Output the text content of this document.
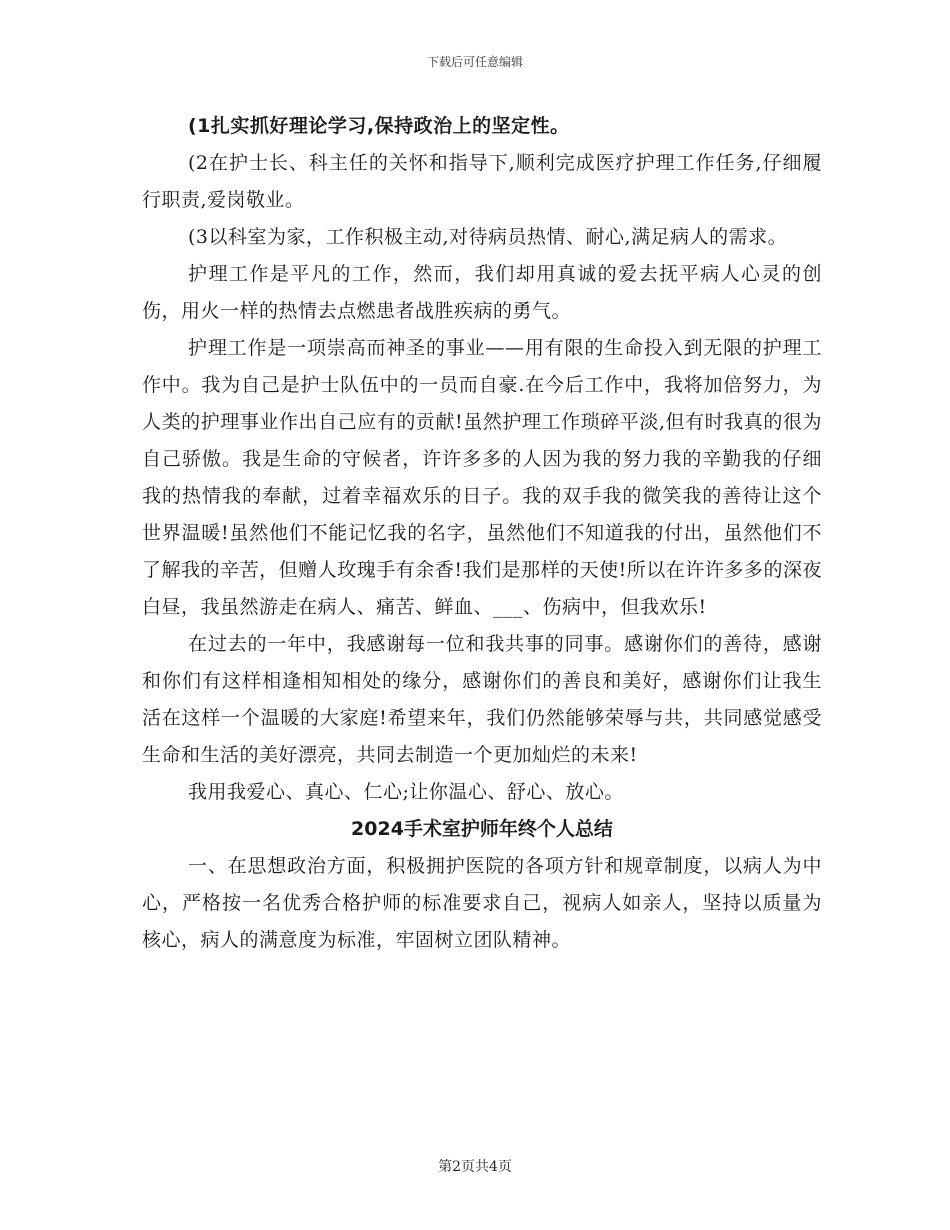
下载后可任意编辑

(1扎实抓好理论学习,保持政治上的坚定性。

(2在护士长、科主任的关怀和指导下,顺利完成医疗护理工作任务,仔细履行职责,爱岗敬业。

(3以科室为家，工作积极主动,对待病员热情、耐心,满足病人的需求。

护理工作是平凡的工作，然而，我们却用真诚的爱去抚平病人心灵的创伤，用火一样的热情去点燃患者战胜疾病的勇气。

护理工作是一项崇高而神圣的事业——用有限的生命投入到无限的护理工作中。我为自己是护士队伍中的一员而自豪.在今后工作中，我将加倍努力，为人类的护理事业作出自己应有的贡献!虽然护理工作琐碎平淡,但有时我真的很为自己骄傲。我是生命的守候者，许许多多的人因为我的努力我的辛勤我的仔细我的热情我的奉献，过着幸福欢乐的日子。我的双手我的微笑我的善待让这个世界温暖!虽然他们不能记忆我的名字，虽然他们不知道我的付出，虽然他们不了解我的辛苦，但赠人玫瑰手有余香!我们是那样的天使!所以在许许多多的深夜白昼，我虽然游走在病人、痛苦、鲜血、___、伤病中，但我欢乐!

在过去的一年中，我感谢每一位和我共事的同事。感谢你们的善待，感谢和你们有这样相逢相知相处的缘分，感谢你们的善良和美好，感谢你们让我生活在这样一个温暖的大家庭!希望来年，我们仍然能够荣辱与共，共同感觉感受生命和生活的美好漂亮，共同去制造一个更加灿烂的未来!

我用我爱心、真心、仁心;让你温心、舒心、放心。

2024手术室护师年终个人总结

一、在思想政治方面，积极拥护医院的各项方针和规章制度，以病人为中心，严格按一名优秀合格护师的标准要求自己，视病人如亲人，坚持以质量为核心，病人的满意度为标准，牢固树立团队精神。

第2页共4页
